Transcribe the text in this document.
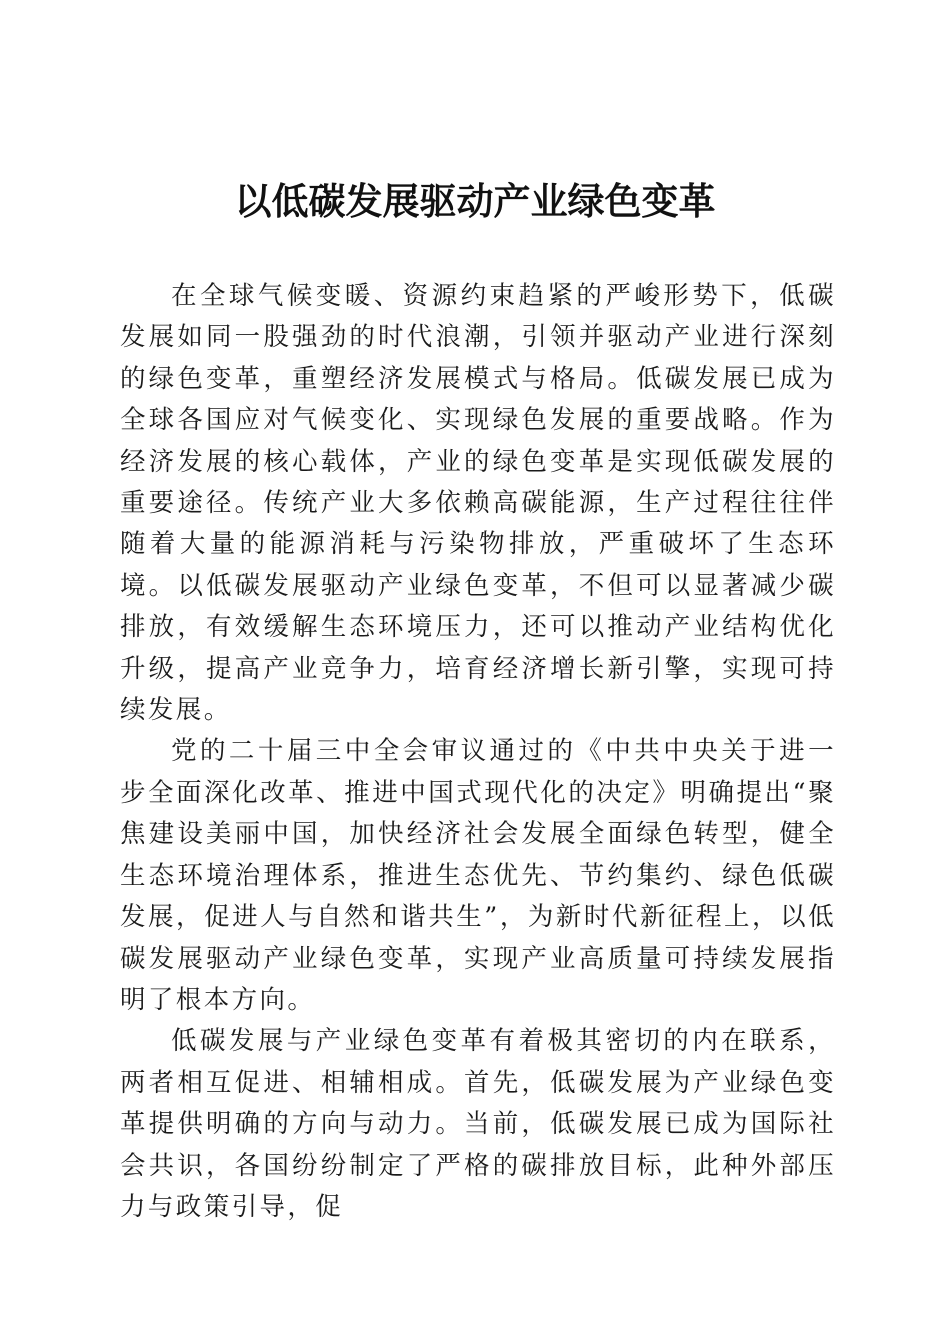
以低碳发展驱动产业绿色变革

在全球气候变暖、资源约束趋紧的严峻形势下，低碳发展如同一股强劲的时代浪潮，引领并驱动产业进行深刻的绿色变革，重塑经济发展模式与格局。低碳发展已成为全球各国应对气候变化、实现绿色发展的重要战略。作为经济发展的核心载体，产业的绿色变革是实现低碳发展的重要途径。传统产业大多依赖高碳能源，生产过程往往伴随着大量的能源消耗与污染物排放，严重破坏了生态环境。以低碳发展驱动产业绿色变革，不但可以显著减少碳排放，有效缓解生态环境压力，还可以推动产业结构优化升级，提高产业竞争力，培育经济增长新引擎，实现可持续发展。

党的二十届三中全会审议通过的《中共中央关于进一步全面深化改革、推进中国式现代化的决定》明确提出“聚焦建设美丽中国，加快经济社会发展全面绿色转型，健全生态环境治理体系，推进生态优先、节约集约、绿色低碳发展，促进人与自然和谐共生”，为新时代新征程上，以低碳发展驱动产业绿色变革，实现产业高质量可持续发展指明了根本方向。

低碳发展与产业绿色变革有着极其密切的内在联系，两者相互促进、相辅相成。首先，低碳发展为产业绿色变革提供明确的方向与动力。当前，低碳发展已成为国际社会共识，各国纷纷制定了严格的碳排放目标，此种外部压力与政策引导，促
